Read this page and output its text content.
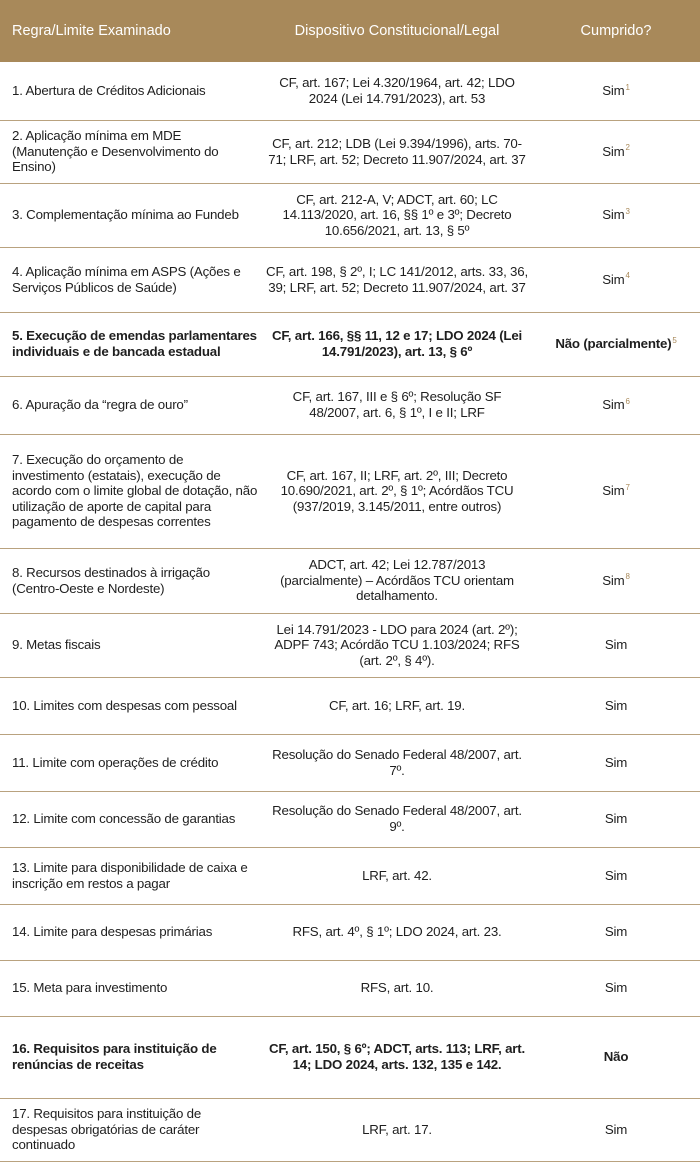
Regra/Limite Examinado	Dispositivo Constitucional/Legal	Cumprido?
1. Abertura de Créditos Adicionais	CF, art. 167; Lei 4.320/1964, art. 42; LDO 2024 (Lei 14.791/2023), art. 53	Sim$^1$
2. Aplicação mínima em MDE (Manutenção e Desenvolvimento do Ensino)	CF, art. 212; LDB (Lei 9.394/1996), arts. 70-71; LRF, art. 52; Decreto 11.907/2024, art. 37	Sim$^2$
3. Complementação mínima ao Fundeb	CF, art. 212-A, V; ADCT, art. 60; LC 14.113/2020, art. 16, §§ 1º e 3º; Decreto 10.656/2021, art. 13, § 5º	Sim$^3$
4. Aplicação mínima em ASPS (Ações e Serviços Públicos de Saúde)	CF, art. 198, § 2º, I; LC 141/2012, arts. 33, 36, 39; LRF, art. 52; Decreto 11.907/2024, art. 37	Sim$^4$
5. Execução de emendas parlamentares individuais e de bancada estadual	CF, art. 166, §§ 11, 12 e 17; LDO 2024 (Lei 14.791/2023), art. 13, § 6º	Não (parcialmente)$^5$
6. Apuração da “regra de ouro”	CF, art. 167, III e § 6º; Resolução SF 48/2007, art. 6, § 1º, I e II; LRF	Sim$^6$
7. Execução do orçamento de investimento (estatais), execução de acordo com o limite global de dotação, não utilização de aporte de capital para pagamento de despesas correntes	CF, art. 167, II; LRF, art. 2º, III; Decreto 10.690/2021, art. 2º, § 1º; Acórdãos TCU (937/2019, 3.145/2011, entre outros)	Sim$^7$
8. Recursos destinados à irrigação (Centro-Oeste e Nordeste)	ADCT, art. 42; Lei 12.787/2013 (parcialmente) – Acórdãos TCU orientam detalhamento.	Sim$^8$
9. Metas fiscais	Lei 14.791/2023 - LDO para 2024 (art. 2º); ADPF 743; Acórdão TCU 1.103/2024; RFS (art. 2º, § 4º).	Sim
10. Limites com despesas com pessoal	CF, art. 16; LRF, art. 19.	Sim
11. Limite com operações de crédito	Resolução do Senado Federal 48/2007, art. 7º.	Sim
12. Limite com concessão de garantias	Resolução do Senado Federal 48/2007, art. 9º.	Sim
13. Limite para disponibilidade de caixa e inscrição em restos a pagar	LRF, art. 42.	Sim
14. Limite para despesas primárias	RFS, art. 4º, § 1º; LDO 2024, art. 23.	Sim
15. Meta para investimento	RFS, art. 10.	Sim
16. Requisitos para instituição de renúncias de receitas	CF, art. 150, § 6º; ADCT, arts. 113; LRF, art. 14; LDO 2024, arts. 132, 135 e 142.	Não
17. Requisitos para instituição de despesas obrigatórias de caráter continuado	LRF, art. 17.	Sim
